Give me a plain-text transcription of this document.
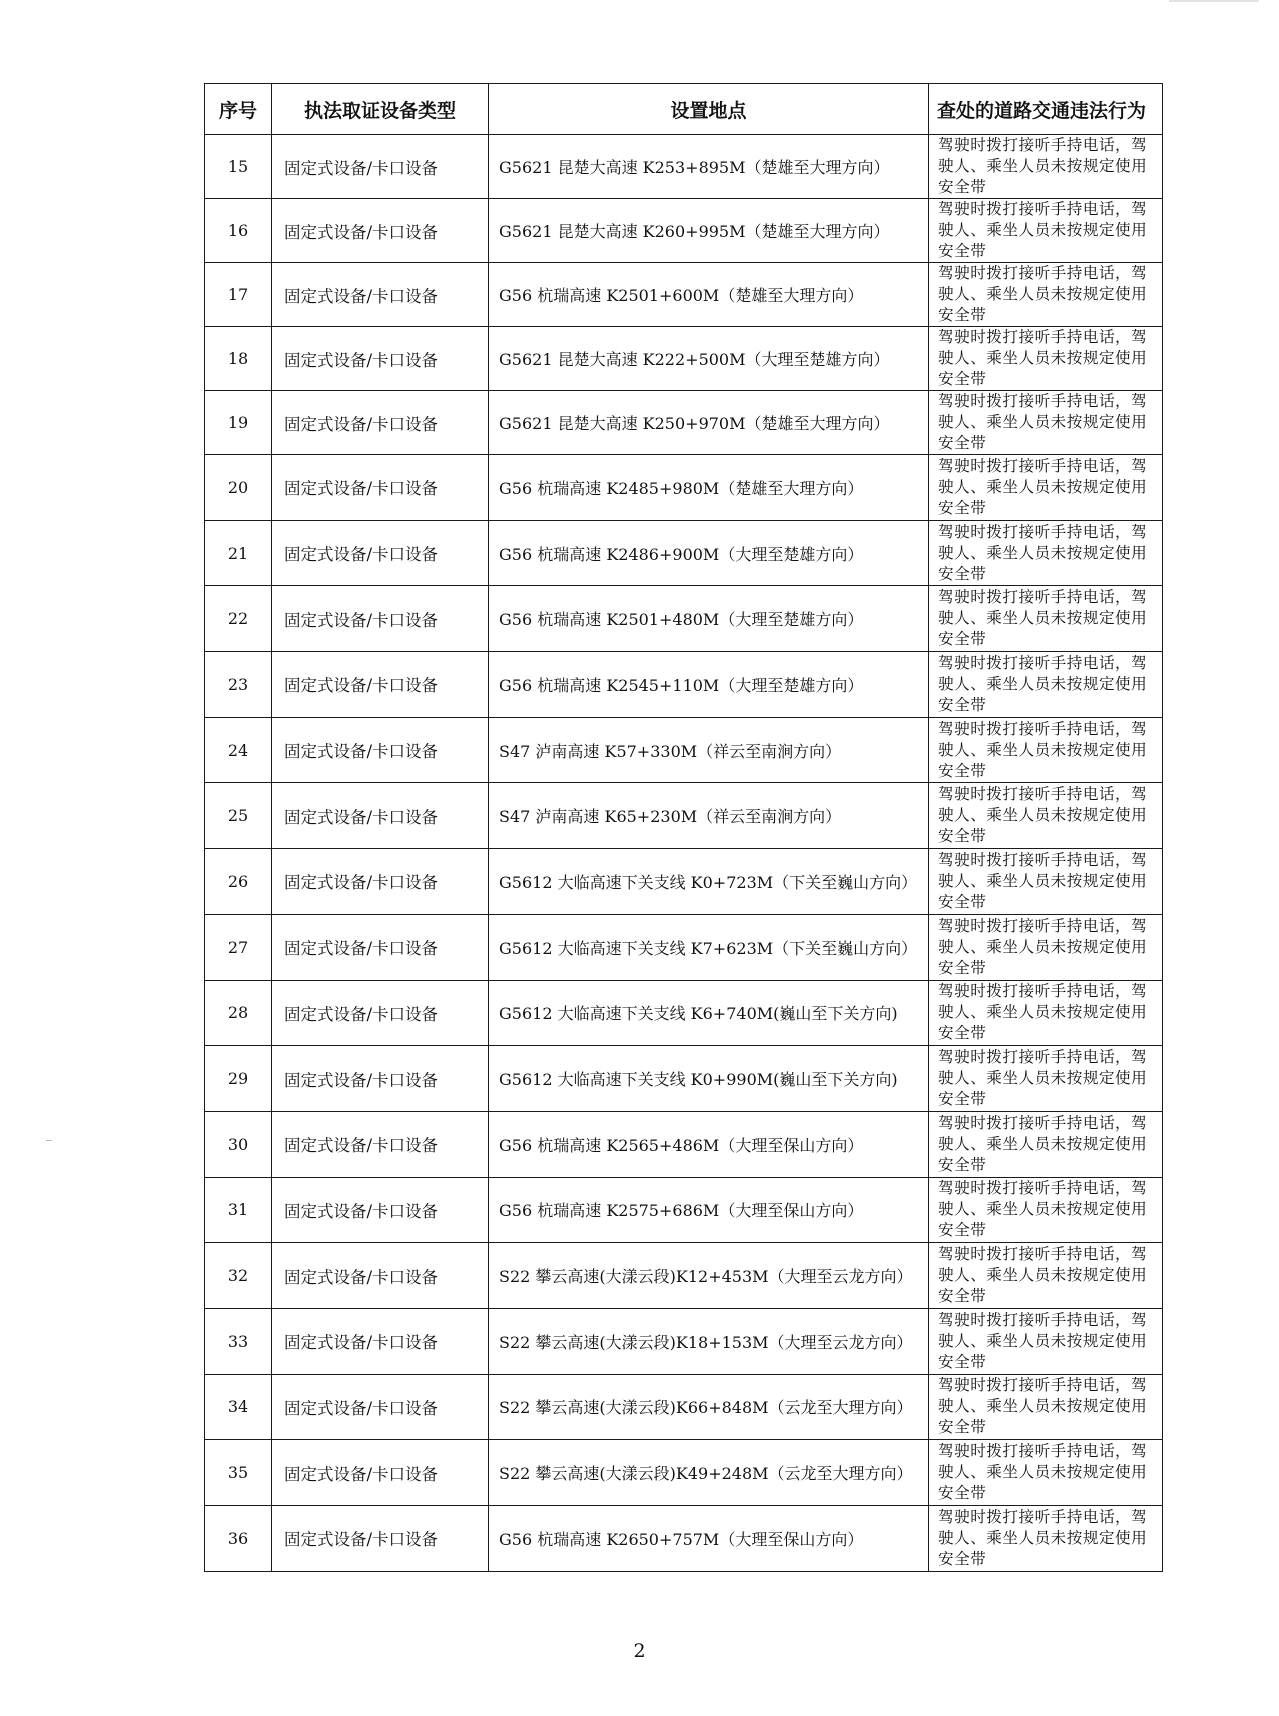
序号	执法取证设备类型	设置地点	查处的道路交通违法行为
15	固定式设备/卡口设备	G5621 昆楚大高速 K253+895M（楚雄至大理方向）	驾驶时拨打接听手持电话，驾驶人、乘坐人员未按规定使用安全带
16	固定式设备/卡口设备	G5621 昆楚大高速 K260+995M（楚雄至大理方向）	驾驶时拨打接听手持电话，驾驶人、乘坐人员未按规定使用安全带
17	固定式设备/卡口设备	G56 杭瑞高速 K2501+600M（楚雄至大理方向）	驾驶时拨打接听手持电话，驾驶人、乘坐人员未按规定使用安全带
18	固定式设备/卡口设备	G5621 昆楚大高速 K222+500M（大理至楚雄方向）	驾驶时拨打接听手持电话，驾驶人、乘坐人员未按规定使用安全带
19	固定式设备/卡口设备	G5621 昆楚大高速 K250+970M（楚雄至大理方向）	驾驶时拨打接听手持电话，驾驶人、乘坐人员未按规定使用安全带
20	固定式设备/卡口设备	G56 杭瑞高速 K2485+980M（楚雄至大理方向）	驾驶时拨打接听手持电话，驾驶人、乘坐人员未按规定使用安全带
21	固定式设备/卡口设备	G56 杭瑞高速 K2486+900M（大理至楚雄方向）	驾驶时拨打接听手持电话，驾驶人、乘坐人员未按规定使用安全带
22	固定式设备/卡口设备	G56 杭瑞高速 K2501+480M（大理至楚雄方向）	驾驶时拨打接听手持电话，驾驶人、乘坐人员未按规定使用安全带
23	固定式设备/卡口设备	G56 杭瑞高速 K2545+110M（大理至楚雄方向）	驾驶时拨打接听手持电话，驾驶人、乘坐人员未按规定使用安全带
24	固定式设备/卡口设备	S47 泸南高速 K57+330M（祥云至南涧方向）	驾驶时拨打接听手持电话，驾驶人、乘坐人员未按规定使用安全带
25	固定式设备/卡口设备	S47 泸南高速 K65+230M（祥云至南涧方向）	驾驶时拨打接听手持电话，驾驶人、乘坐人员未按规定使用安全带
26	固定式设备/卡口设备	G5612 大临高速下关支线 K0+723M（下关至巍山方向）	驾驶时拨打接听手持电话，驾驶人、乘坐人员未按规定使用安全带
27	固定式设备/卡口设备	G5612 大临高速下关支线 K7+623M（下关至巍山方向）	驾驶时拨打接听手持电话，驾驶人、乘坐人员未按规定使用安全带
28	固定式设备/卡口设备	G5612 大临高速下关支线 K6+740M(巍山至下关方向)	驾驶时拨打接听手持电话，驾驶人、乘坐人员未按规定使用安全带
29	固定式设备/卡口设备	G5612 大临高速下关支线 K0+990M(巍山至下关方向)	驾驶时拨打接听手持电话，驾驶人、乘坐人员未按规定使用安全带
30	固定式设备/卡口设备	G56 杭瑞高速 K2565+486M（大理至保山方向）	驾驶时拨打接听手持电话，驾驶人、乘坐人员未按规定使用安全带
31	固定式设备/卡口设备	G56 杭瑞高速 K2575+686M（大理至保山方向）	驾驶时拨打接听手持电话，驾驶人、乘坐人员未按规定使用安全带
32	固定式设备/卡口设备	S22 攀云高速(大漾云段)K12+453M（大理至云龙方向）	驾驶时拨打接听手持电话，驾驶人、乘坐人员未按规定使用安全带
33	固定式设备/卡口设备	S22 攀云高速(大漾云段)K18+153M（大理至云龙方向）	驾驶时拨打接听手持电话，驾驶人、乘坐人员未按规定使用安全带
34	固定式设备/卡口设备	S22 攀云高速(大漾云段)K66+848M（云龙至大理方向）	驾驶时拨打接听手持电话，驾驶人、乘坐人员未按规定使用安全带
35	固定式设备/卡口设备	S22 攀云高速(大漾云段)K49+248M（云龙至大理方向）	驾驶时拨打接听手持电话，驾驶人、乘坐人员未按规定使用安全带
36	固定式设备/卡口设备	G56 杭瑞高速 K2650+757M（大理至保山方向）	驾驶时拨打接听手持电话，驾驶人、乘坐人员未按规定使用安全带
2
